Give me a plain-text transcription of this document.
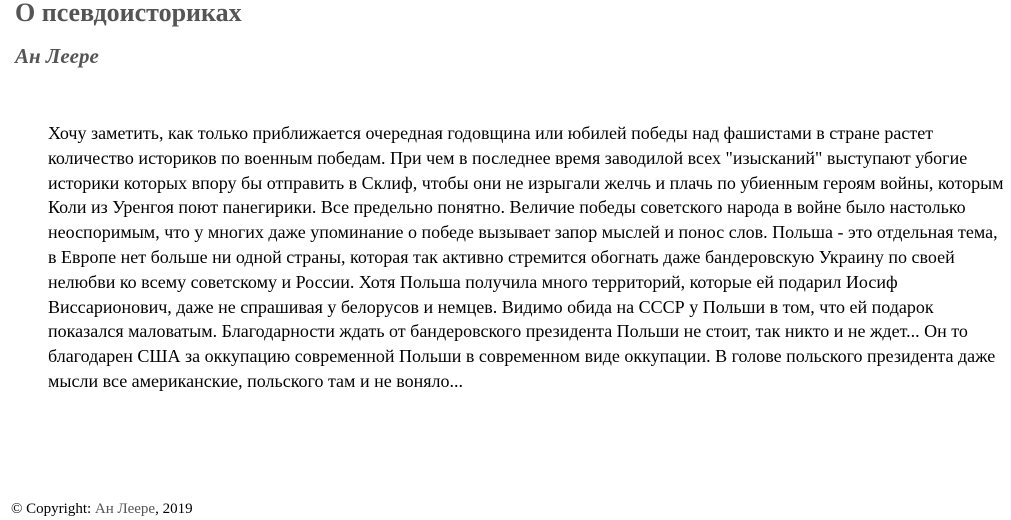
О псевдоисториках
Ан Леере

Хочу заметить, как только приближается очередная годовщина или юбилей победы над фашистами в стране растет количество историков по военным победам. При чем в последнее время заводилой всех "изысканий" выступают убогие историки которых впору бы отправить в Склиф, чтобы они не изрыгали желчь и плачь по убиенным героям войны, которым Коли из Уренгоя поют панегирики. Все предельно понятно. Величие победы советского народа в войне было настолько неоспоримым, что у многих даже упоминание о победе вызывает запор мыслей и понос слов. Польша - это отдельная тема, в Европе нет больше ни одной страны, которая так активно стремится обогнать даже бандеровскую Украину по своей нелюбви ко всему советскому и России. Хотя Польша получила много территорий, которые ей подарил Иосиф Виссарионович, даже не спрашивая у белорусов и немцев. Видимо обида на СССР у Польши в том, что ей подарок показался маловатым. Благодарности ждать от бандеровского президента Польши не стоит, так никто и не ждет... Он то благодарен США за оккупацию современной Польши в современном виде оккупации. В голове польского президента даже мысли все американские, польского там и не воняло...

© Copyright: Ан Леере, 2019
